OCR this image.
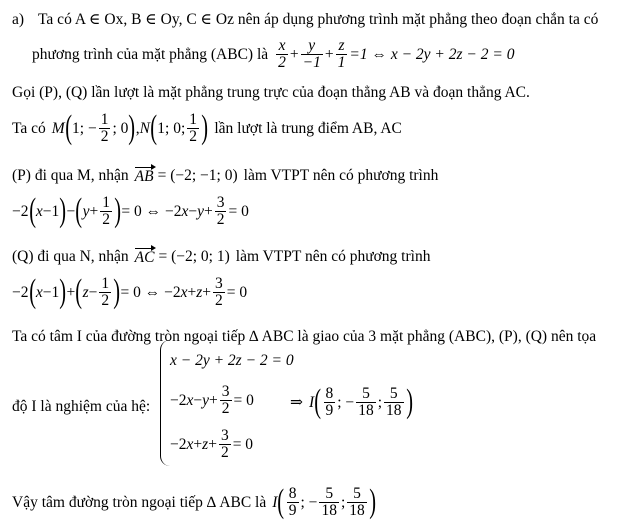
a) Ta có A ∈ Ox, B ∈ Oy, C ∈ Oz nên áp dụng phương trình mặt phẳng theo đoạn chắn ta có
phương trình của mặt phẳng (ABC) là
x
$2 + \frac{y}{-1} + \frac{z}{1} =1$ ⇔ x − 2y + 2z − 2 = 0
Gọi (P), (Q) lần lượt là mặt phẳng trung trực của đoạn thẳng AB và đoạn thẳng AC.
Ta có M ( 1; − $\frac{1}{2}$ ; 0 ) , N ( 1; 0;
1
2 ) lần lượt là trung điểm AB, AC
(P) đi qua M, nhận AB = (−2; −1; 0) làm VTPT nên có phương trình
−2 ( x −1 ) − ( $y + \frac{1}{2}$ ) = 0 ⇔ −2 $x - y + \frac{3}{2} = 0$
(Q) đi qua N, nhận AC = (−2; 0; 1) làm VTPT nên có phương trình
−2 ( x −1 ) + ( $z - \frac{1}{2}$ ) = 0 ⇔ −2 $x + z + \frac{3}{2} = 0$
Ta có tâm I của đường tròn ngoại tiếp ∆ ABC là giao của 3 mặt phẳng (ABC), (P), (Q) nên tọa
x − 2y + 2z − 2 = 0
−2 $x - y + \frac{3}{2} = 0$
−2 $x + z + \frac{3}{2} = 0$
độ I là nghiệm của hệ:	⇒ I ( 8
9 ; − $\frac{5}{18}$ ;
5
18 )
Vậy tâm đường tròn ngoại tiếp ∆ ABC là I ( 8
9 ; − $\frac{5}{18}$ ;
5
18 )
